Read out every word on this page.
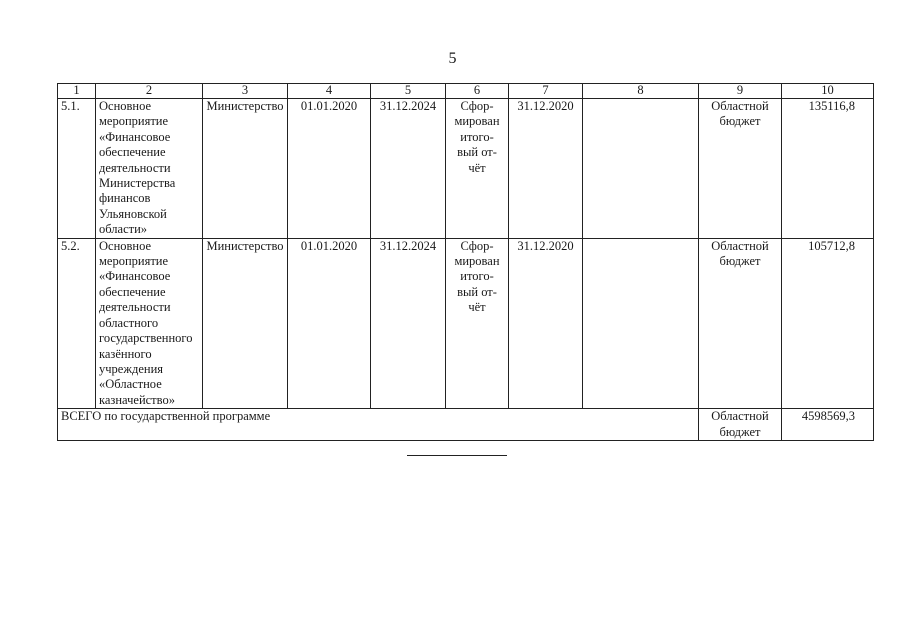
5
1	2	3	4	5	6	7	8	9	10
5.1.	Основное мероприятие «Финансовое обеспечение деятельности Министерства финансов Ульяновской области»	Министерство	01.01.2020	31.12.2024	Сфор-
мирован
итого-
вый от-
чёт	31.12.2020		Областной бюджет	135116,8
5.2.	Основное мероприятие «Финансовое обеспечение деятельности областного государственного казённого учреждения «Областное казначейство»	Министерство	01.01.2020	31.12.2024	Сфор-
мирован
итого-
вый от-
чёт	31.12.2020		Областной бюджет	105712,8
ВСЕГО по государственной программе								Областной бюджет	4598569,3
